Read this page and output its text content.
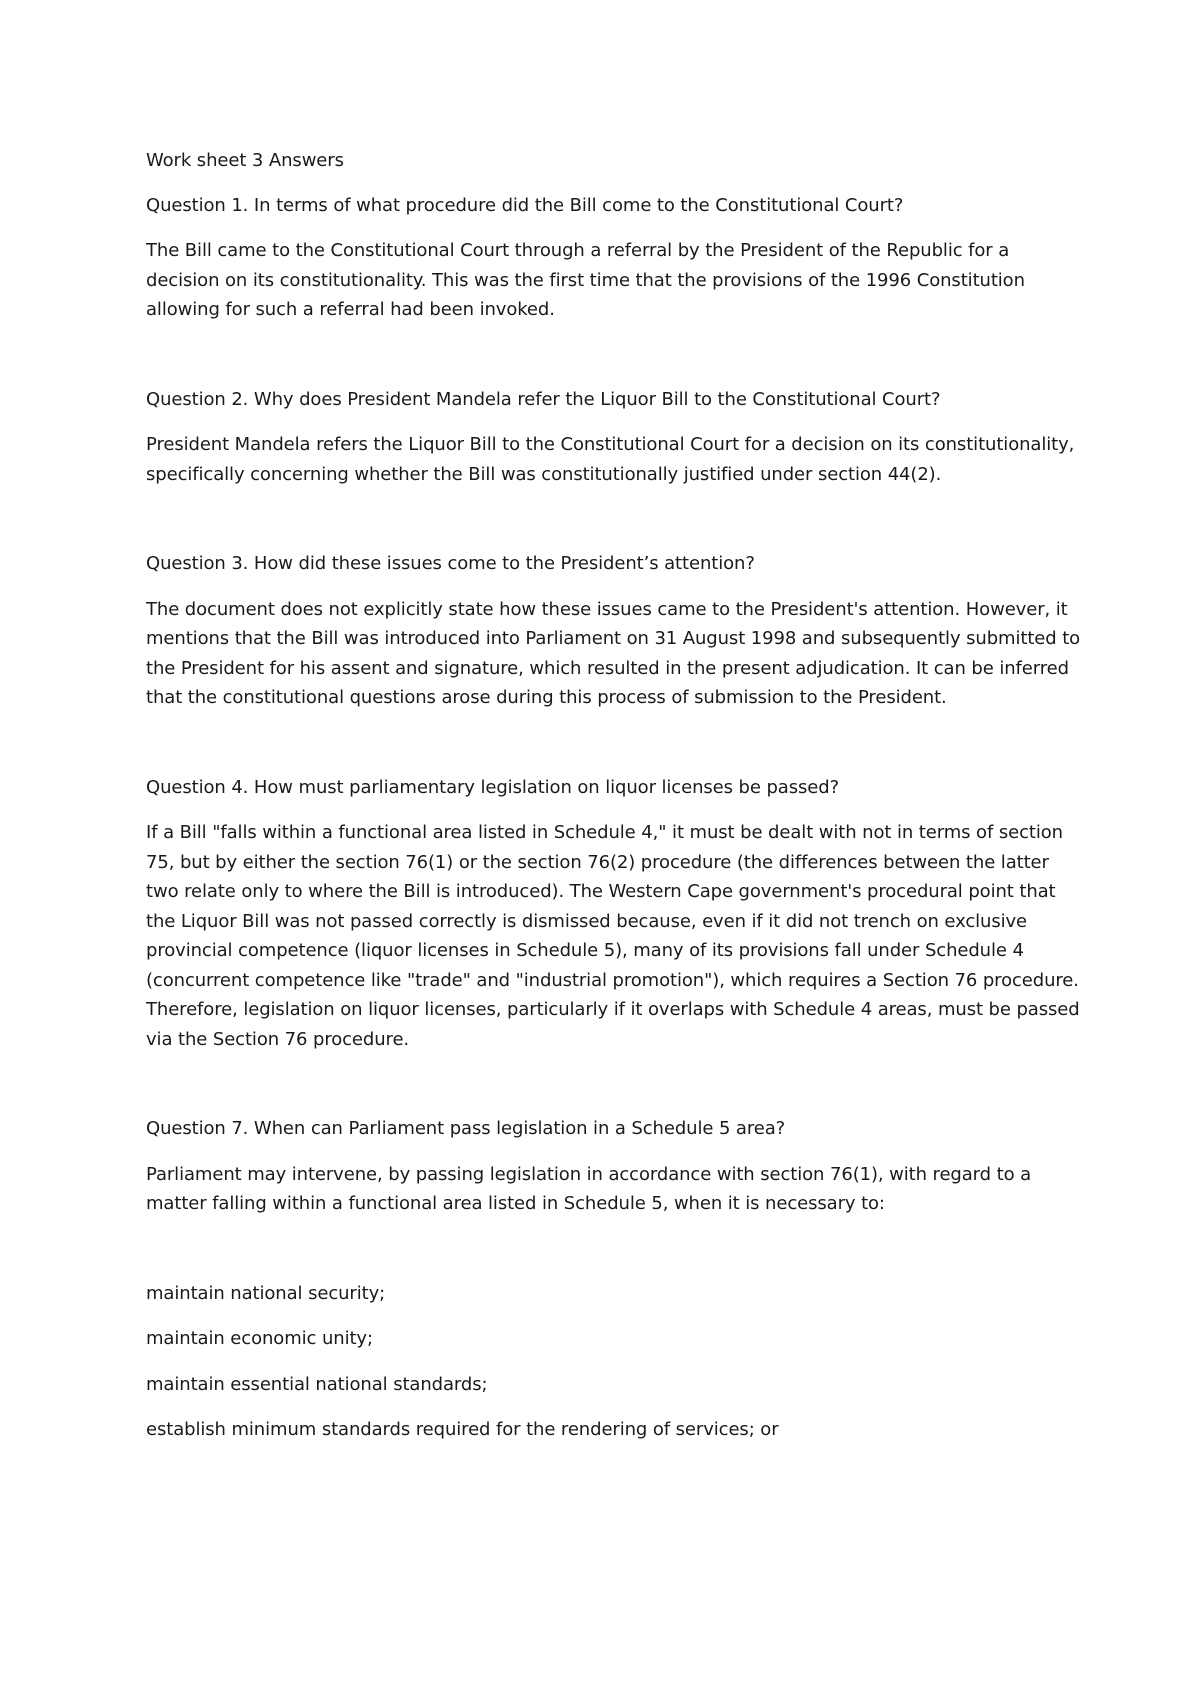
Work sheet 3 Answers

Question 1. In terms of what procedure did the Bill come to the Constitutional Court?

The Bill came to the Constitutional Court through a referral by the President of the Republic for a decision on its constitutionality. This was the first time that the provisions of the 1996 Constitution allowing for such a referral had been invoked.

Question 2. Why does President Mandela refer the Liquor Bill to the Constitutional Court?

President Mandela refers the Liquor Bill to the Constitutional Court for a decision on its constitutionality, specifically concerning whether the Bill was constitutionally justified under section 44(2).

Question 3. How did these issues come to the President’s attention?

The document does not explicitly state how these issues came to the President's attention. However, it mentions that the Bill was introduced into Parliament on 31 August 1998 and subsequently submitted to the President for his assent and signature, which resulted in the present adjudication. It can be inferred that the constitutional questions arose during this process of submission to the President.

Question 4. How must parliamentary legislation on liquor licenses be passed?

If a Bill "falls within a functional area listed in Schedule 4," it must be dealt with not in terms of section 75, but by either the section 76(1) or the section 76(2) procedure (the differences between the latter two relate only to where the Bill is introduced). The Western Cape government's procedural point that the Liquor Bill was not passed correctly is dismissed because, even if it did not trench on exclusive provincial competence (liquor licenses in Schedule 5), many of its provisions fall under Schedule 4 (concurrent competence like "trade" and "industrial promotion"), which requires a Section 76 procedure. Therefore, legislation on liquor licenses, particularly if it overlaps with Schedule 4 areas, must be passed via the Section 76 procedure.

Question 7. When can Parliament pass legislation in a Schedule 5 area?

Parliament may intervene, by passing legislation in accordance with section 76(1), with regard to a matter falling within a functional area listed in Schedule 5, when it is necessary to:

maintain national security;

maintain economic unity;

maintain essential national standards;

establish minimum standards required for the rendering of services; or
